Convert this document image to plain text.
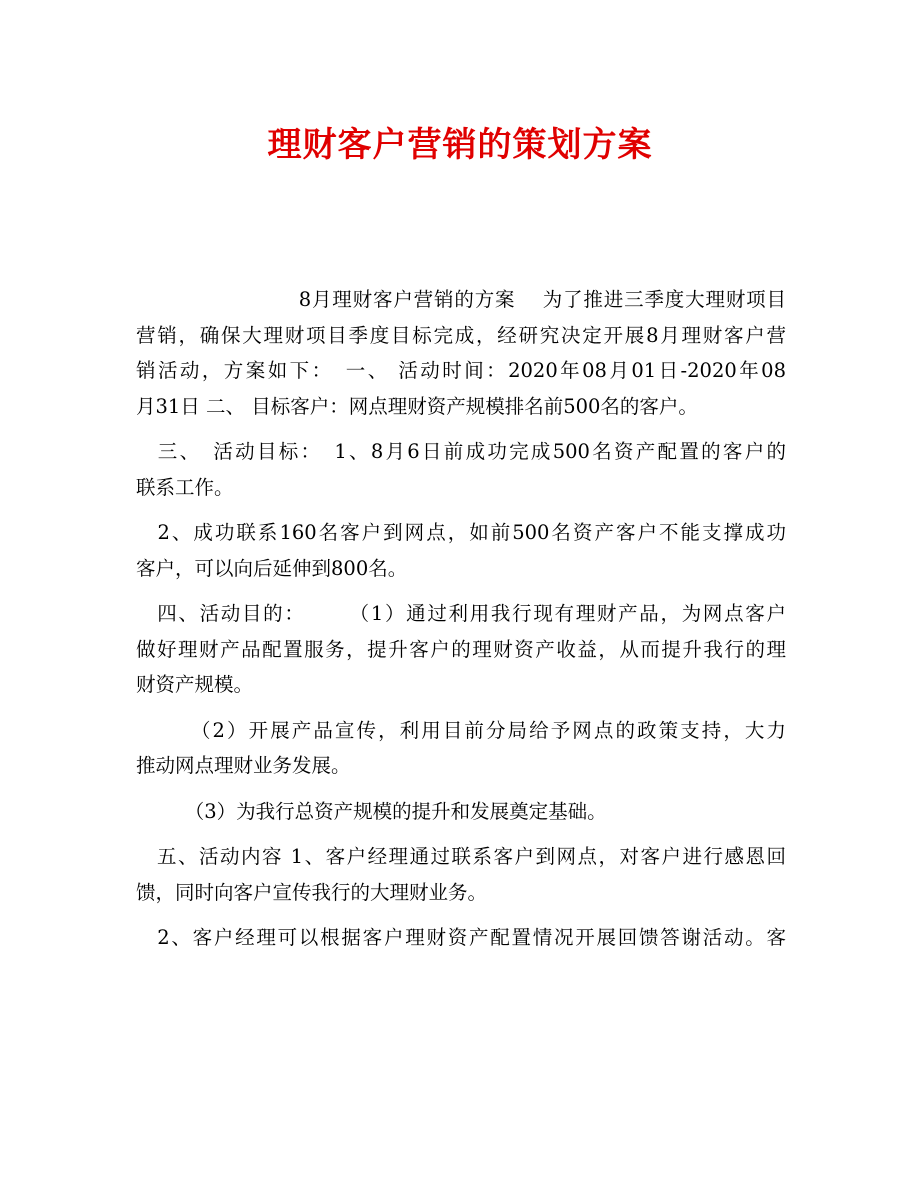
理财客户营销的策划方案
　　　　　　　　8月理财客户营销的方案　 为了推进三季度大理财项目
营销，确保大理财项目季度目标完成，经研究决定开展8月理财客户营
销活动，方案如下：　一、 活动时间：2020年08月01日-2020年08
月31日 二、 目标客户：网点理财资产规模排名前500名的客户。
　三、　活动目标：　1、8月6日前成功完成500名资产配置的客户的
联系工作。
　2、成功联系160名客户到网点，如前500名资产客户不能支撑成功
客户，可以向后延伸到800名。
　四、活动目的：　　　（1）通过利用我行现有理财产品，为网点客户
做好理财产品配置服务，提升客户的理财资产收益，从而提升我行的理
财资产规模。
　　　（2）开展产品宣传，利用目前分局给予网点的政策支持，大力
推动网点理财业务发展。
　　　（3）为我行总资产规模的提升和发展奠定基础。
　五、活动内容 1、客户经理通过联系客户到网点，对客户进行感恩回
馈，同时向客户宣传我行的大理财业务。
　2、客户经理可以根据客户理财资产配置情况开展回馈答谢活动。客
